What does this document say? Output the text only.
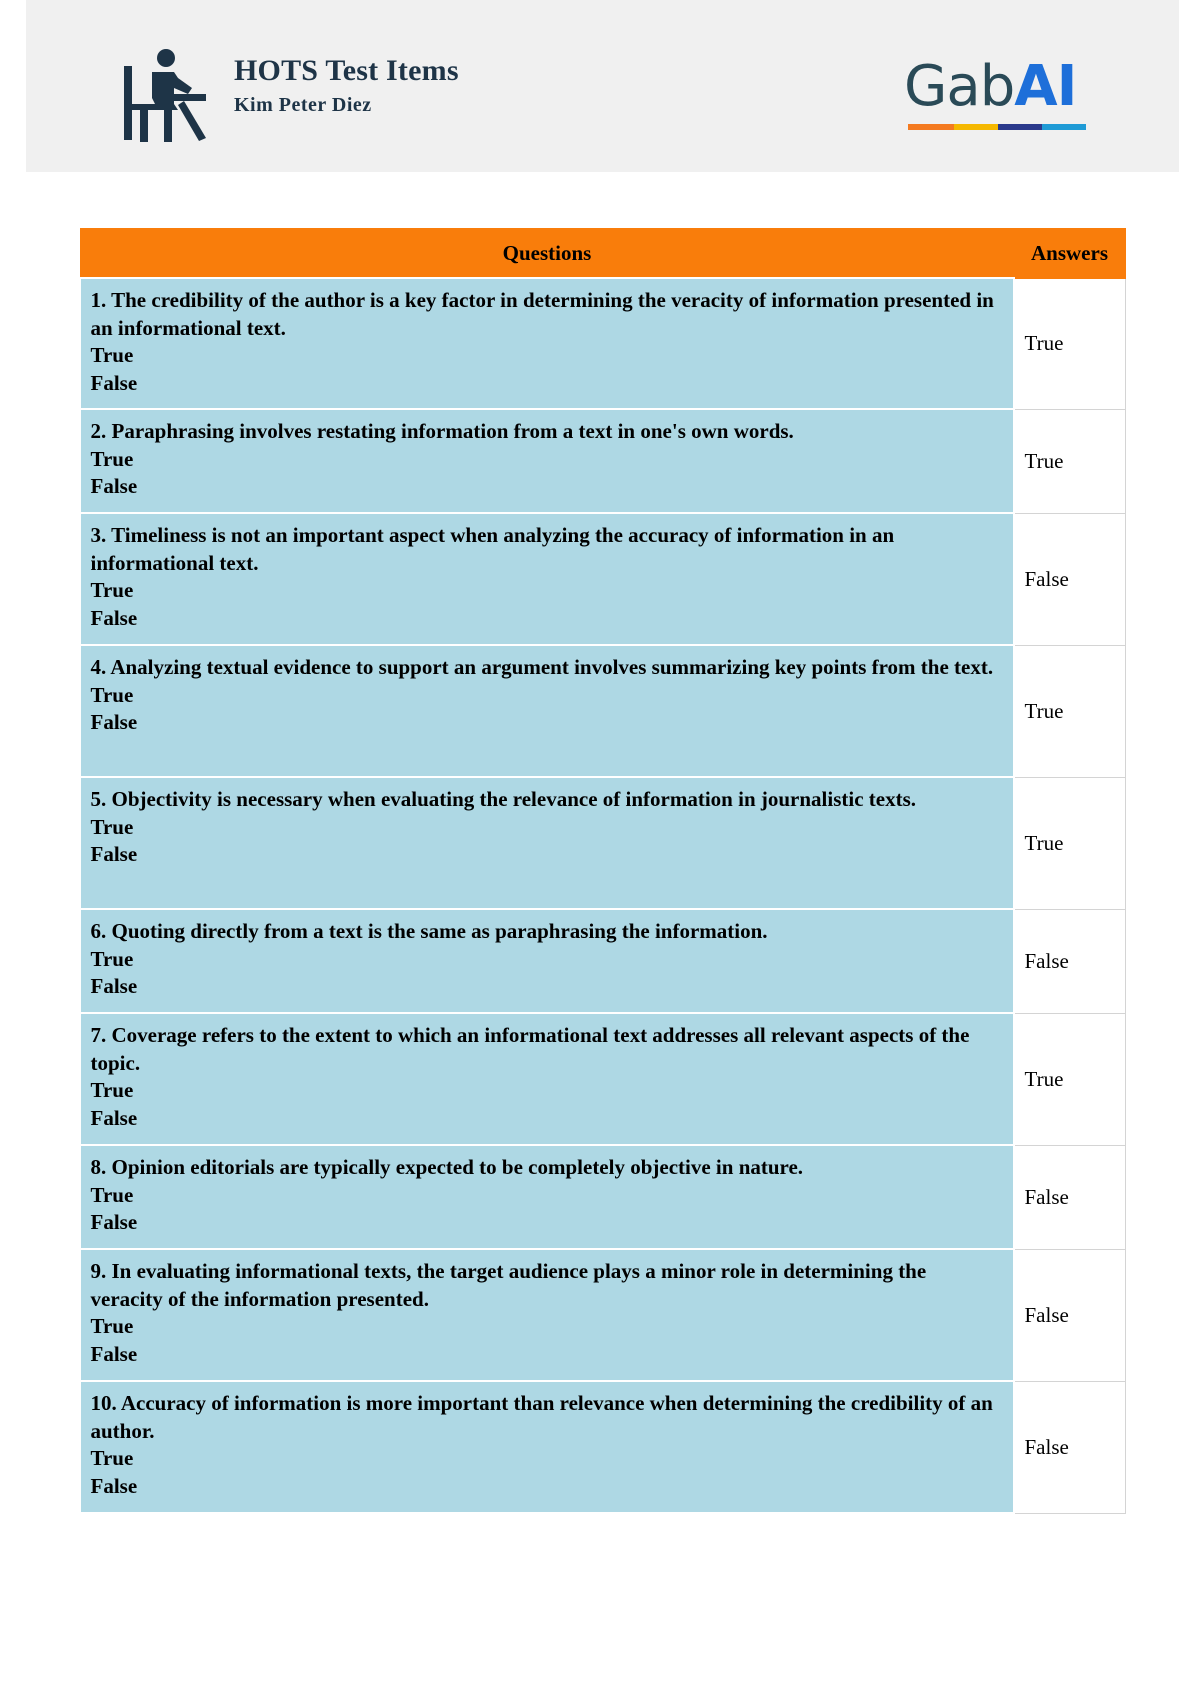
HOTS Test Items
Kim Peter Diez	GabAI
Questions	Answers
1. The credibility of the author is a key factor in determining the veracity of information presented in an informational text.
True
False	True
2. Paraphrasing involves restating information from a text in one's own words.
True
False	True
3. Timeliness is not an important aspect when analyzing the accuracy of information in an informational text.
True
False	False
4. Analyzing textual evidence to support an argument involves summarizing key points from the text.
True
False	True
5. Objectivity is necessary when evaluating the relevance of information in journalistic texts.
True
False	True
6. Quoting directly from a text is the same as paraphrasing the information.
True
False	False
7. Coverage refers to the extent to which an informational text addresses all relevant aspects of the topic.
True
False	True
8. Opinion editorials are typically expected to be completely objective in nature.
True
False	False
9. In evaluating informational texts, the target audience plays a minor role in determining the veracity of the information presented.
True
False	False
10. Accuracy of information is more important than relevance when determining the credibility of an author.
True
False	False
